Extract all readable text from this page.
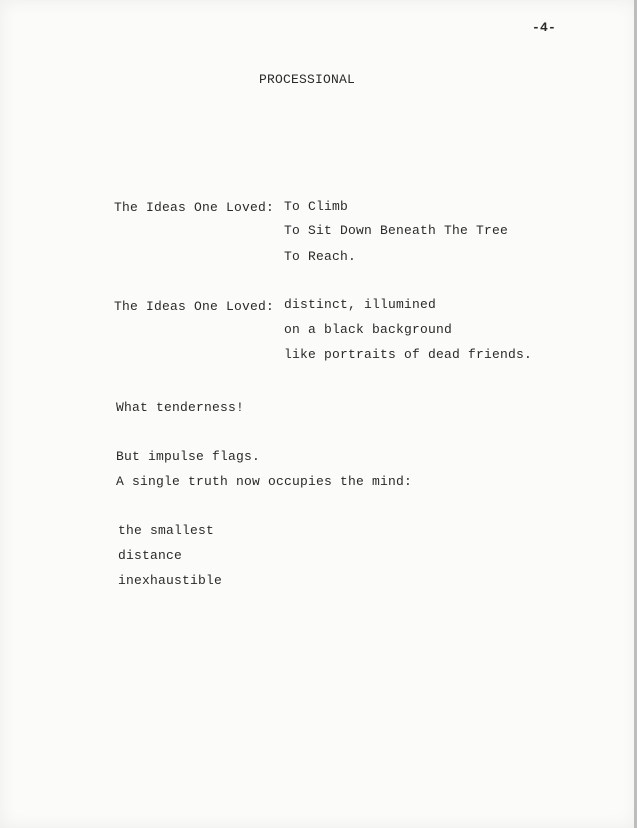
-4-
PROCESSIONAL
The Ideas One Loved: To Climb
To Sit Down Beneath The Tree
To Reach.
The Ideas One Loved: distinct, illumined
on a black background
like portraits of dead friends.
What tenderness!
But impulse flags.
A single truth now occupies the mind:
the smallest
distance
inexhaustible
